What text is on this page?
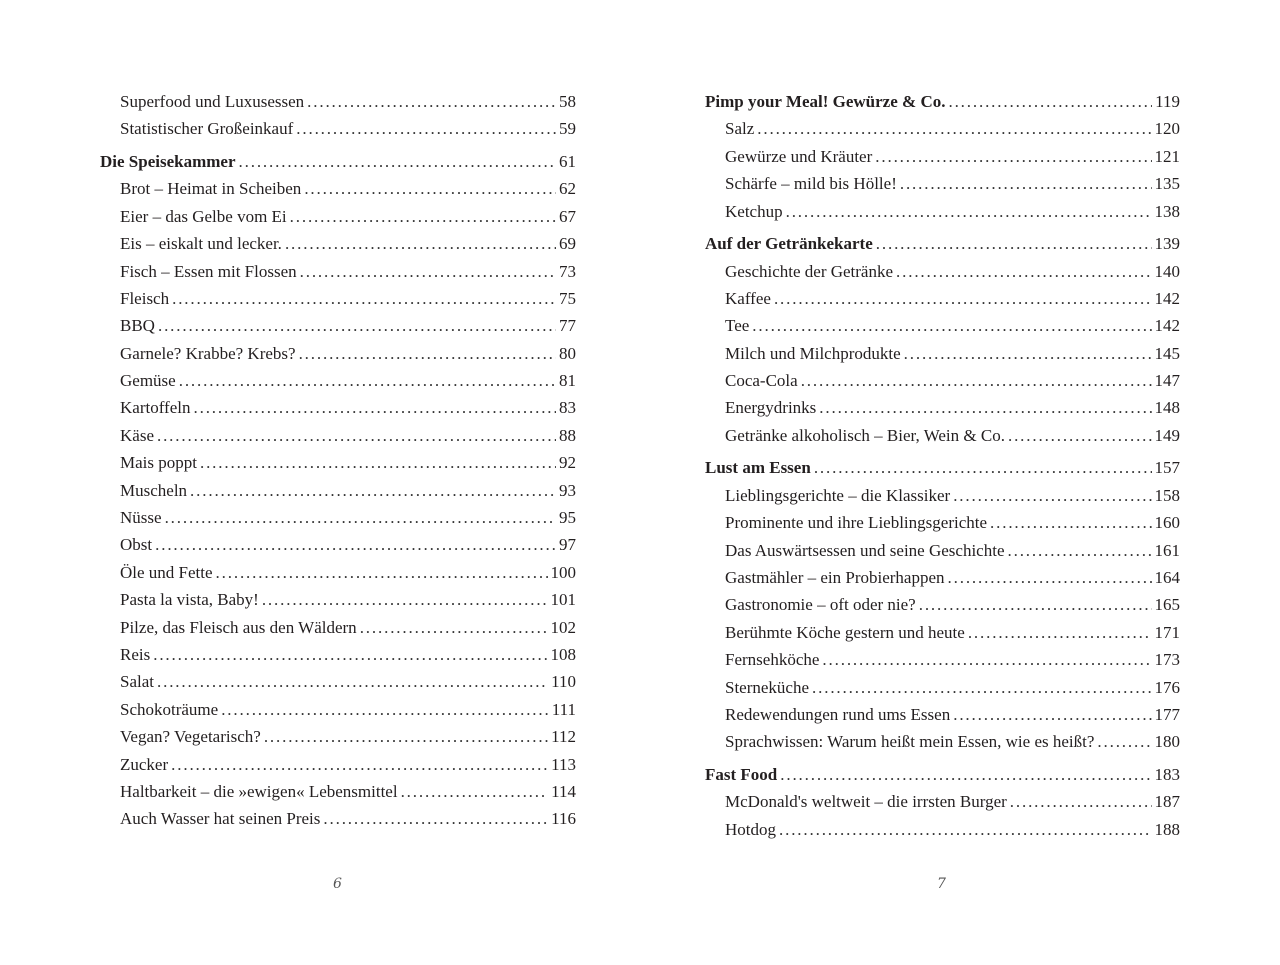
Superfood und Luxusessen . . .	58
Statistischer Großeinkauf . . .	59
Die Speisekammer . . .	61
Brot – Heimat in Scheiben . . .	62
Eier – das Gelbe vom Ei . . .	67
Eis – eiskalt und lecker. . . .	69
Fisch – Essen mit Flossen . . .	73
Fleisch . . .	75
BBQ . . .	77
Garnele? Krabbe? Krebs? . . .	80
Gemüse . . .	81
Kartoffeln . . .	83
Käse . . .	88
Mais poppt . . .	92
Muscheln . . .	93
Nüsse . . .	95
Obst . . .	97
Öle und Fette . . .	100
Pasta la vista, Baby! . . .	101
Pilze, das Fleisch aus den Wäldern . . .	102
Reis . . .	108
Salat . . .	110
Schokoträume . . .	111
Vegan? Vegetarisch? . . .	112
Zucker . . .	113
Haltbarkeit – die »ewigen« Lebensmittel . . .	114
Auch Wasser hat seinen Preis . . .	116
6
Pimp your Meal! Gewürze & Co. . . .	119
Salz . . .	120
Gewürze und Kräuter . . .	121
Schärfe – mild bis Hölle! . . .	135
Ketchup . . .	138
Auf der Getränkekarte . . .	139
Geschichte der Getränke . . .	140
Kaffee . . .	142
Tee . . .	142
Milch und Milchprodukte . . .	145
Coca-Cola . . .	147
Energydrinks . . .	148
Getränke alkoholisch – Bier, Wein & Co. . . .	149
Lust am Essen . . .	157
Lieblingsgerichte – die Klassiker . . .	158
Prominente und ihre Lieblingsgerichte . . .	160
Das Auswärtsessen und seine Geschichte . . .	161
Gastmähler – ein Probierhappen . . .	164
Gastronomie – oft oder nie? . . .	165
Berühmte Köche gestern und heute . . .	171
Fernsehköche . . .	173
Sterneküche . . .	176
Redewendungen rund ums Essen . . .	177
Sprachwissen: Warum heißt mein Essen, wie es heißt? . . .	180
Fast Food . . .	183
McDonald's weltweit – die irrsten Burger . . .	187
Hotdog . . .	188
7
